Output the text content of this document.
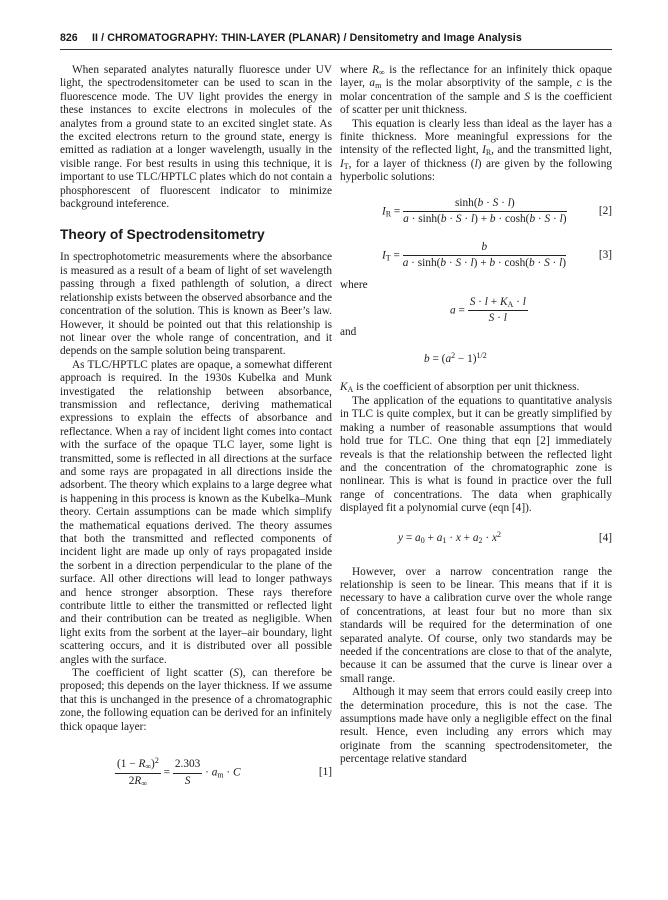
826 II / CHROMATOGRAPHY: THIN-LAYER (PLANAR) / Densitometry and Image Analysis

When separated analytes naturally fluoresce under UV light, the spectrodensitometer can be used to scan in the fluorescence mode. The UV light provides the energy in these instances to excite electrons in molecules of the analytes from a ground state to an excited singlet state. As the excited electrons return to the ground state, energy is emitted as radiation at a longer wavelength, usually in the visible range. For best results in using this technique, it is important to use TLC/HPTLC plates which do not contain a phosphorescent of fluorescent indicator to minimize background inteference.

Theory of Spectrodensitometry

In spectrophotometric measurements where the absorbance is measured as a result of a beam of light of set wavelength passing through a fixed pathlength of solution, a direct relationship exists between the observed absorbance and the concentration of the solution. This is known as Beer’s law. However, it should be pointed out that this relationship is not linear over the whole range of concentration, and it depends on the sample solution being transparent.

As TLC/HPTLC plates are opaque, a somewhat different approach is required. In the 1930s Kubelka and Munk investigated the relationship between absorbance, transmission and reflectance, deriving mathematical expressions to explain the effects of absorbance and reflectance. When a ray of incident light comes into contact with the surface of the opaque TLC layer, some light is transmitted, some is reflected in all directions at the surface and some rays are propagated in all directions inside the adsorbent. The theory which explains to a large degree what is happening in this process is known as the Kubelka–Munk theory. Certain assumptions can be made which simplify the mathematical equations derived. The theory assumes that both the transmitted and reflected components of incident light are made up only of rays propagated inside the sorbent in a direction perpendicular to the plane of the surface. All other directions will lead to longer pathways and hence stronger absorption. These rays therefore contribute little to either the transmitted or reflected light and their contribution can be treated as negligible. When light exits from the sorbent at the layer–air boundary, light scattering occurs, and it is distributed over all possible angles with the surface.

The coefficient of light scatter (S), can therefore be proposed; this depends on the layer thickness. If we assume that this is unchanged in the presence of a chromatographic zone, the following equation can be derived for an infinitely thick opaque layer:

$\frac{(1 - R_\infty)^2}{2R_\infty} = \frac{2.303}{S} \cdot a_m \cdot C$	[1]

where $R_\infty$ is the reflectance for an infinitely thick opaque layer, $a_m$ is the molar absorptivity of the sample, c is the molar concentration of the sample and S is the coefficient of scatter per unit thickness.

This equation is clearly less than ideal as the layer has a finite thickness. More meaningful expressions for the intensity of the reflected light, $I_R$, and the transmitted light, $I_T$, for a layer of thickness (l) are given by the following hyperbolic solutions:

$I_R = \frac{\sinh(b \cdot S \cdot l)}{a \cdot \sinh(b \cdot S \cdot l) + b \cdot \cosh(b \cdot S \cdot l)}$	[2]
$I_T = \frac{b}{a \cdot \sinh(b \cdot S \cdot l) + b \cdot \cosh(b \cdot S \cdot l)}$	[3]

where

$a = \frac{S \cdot l + K_A \cdot l}{S \cdot l}$

and

$b = (a^2 - 1)^{1/2}$

$K_A$ is the coefficient of absorption per unit thickness.

The application of the equations to quantitative analysis in TLC is quite complex, but it can be greatly simplified by making a number of reasonable assumptions that would hold true for TLC. One thing that eqn [2] immediately reveals is that the relationship between the reflected light and the concentration of the chromatographic zone is nonlinear. This is what is found in practice over the full range of concentrations. The data when graphically displayed fit a polynomial curve (eqn [4]).

$y = a_0 + a_1 \cdot x + a_2 \cdot x^2$	[4]

However, over a narrow concentration range the relationship is seen to be linear. This means that if it is necessary to have a calibration curve over the whole range of concentrations, at least four but no more than six standards will be required for the determination of one separated analyte. Of course, only two standards may be needed if the concentrations are close to that of the analyte, because it can be assumed that the curve is linear over a small range.

Although it may seem that errors could easily creep into the determination procedure, this is not the case. The assumptions made have only a negligible effect on the final result. Hence, even including any errors which may originate from the scanning spectrodensitometer, the percentage relative standard
